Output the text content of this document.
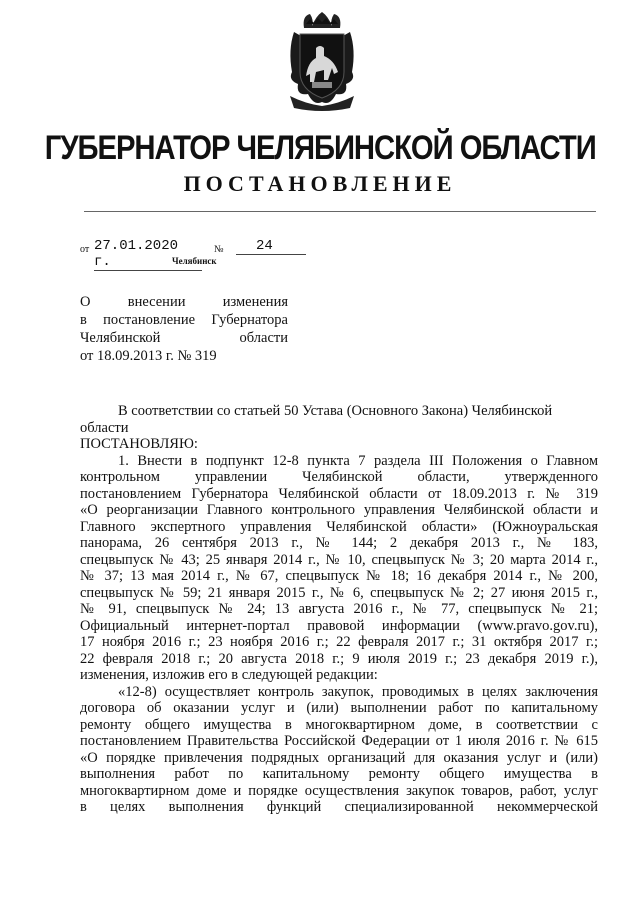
ГУБЕРНАТОР ЧЕЛЯБИНСКОЙ ОБЛАСТИ
ПОСТАНОВЛЕНИЕ
от 27.01.2020 г.
№	24
Челябинск
О внесении изменения
в постановление Губернатора
Челябинской области
от 18.09.2013 г. № 319
В соответствии со статьей 50 Устава (Основного Закона) Челябинской
области
ПОСТАНОВЛЯЮ:
1. Внести в подпункт 12-8 пункта 7 раздела III Положения о Главном
контрольном управлении Челябинской области, утвержденного
постановлением Губернатора Челябинской области от 18.09.2013 г. № 319
«О реорганизации Главного контрольного управления Челябинской области и
Главного экспертного управления Челябинской области» (Южноуральская
панорама, 26 сентября 2013 г., № 144; 2 декабря 2013 г., № 183,
спецвыпуск № 43; 25 января 2014 г., № 10, спецвыпуск № 3; 20 марта 2014 г.,
№ 37; 13 мая 2014 г., № 67, спецвыпуск № 18; 16 декабря 2014 г., № 200,
спецвыпуск № 59; 21 января 2015 г., № 6, спецвыпуск № 2; 27 июня 2015 г.,
№ 91, спецвыпуск № 24; 13 августа 2016 г., № 77, спецвыпуск № 21;
Официальный интернет-портал правовой информации (www.pravo.gov.ru),
17 ноября 2016 г.; 23 ноября 2016 г.; 22 февраля 2017 г.; 31 октября 2017 г.;
22 февраля 2018 г.; 20 августа 2018 г.; 9 июля 2019 г.; 23 декабря 2019 г.),
изменения, изложив его в следующей редакции:
«12-8) осуществляет контроль закупок, проводимых в целях заключения
договора об оказании услуг и (или) выполнении работ по капитальному
ремонту общего имущества в многоквартирном доме, в соответствии с
постановлением Правительства Российской Федерации от 1 июля 2016 г. № 615
«О порядке привлечения подрядных организаций для оказания услуг и (или)
выполнения работ по капитальному ремонту общего имущества в
многоквартирном доме и порядке осуществления закупок товаров, работ, услуг
в целях выполнения функций специализированной некоммерческой
